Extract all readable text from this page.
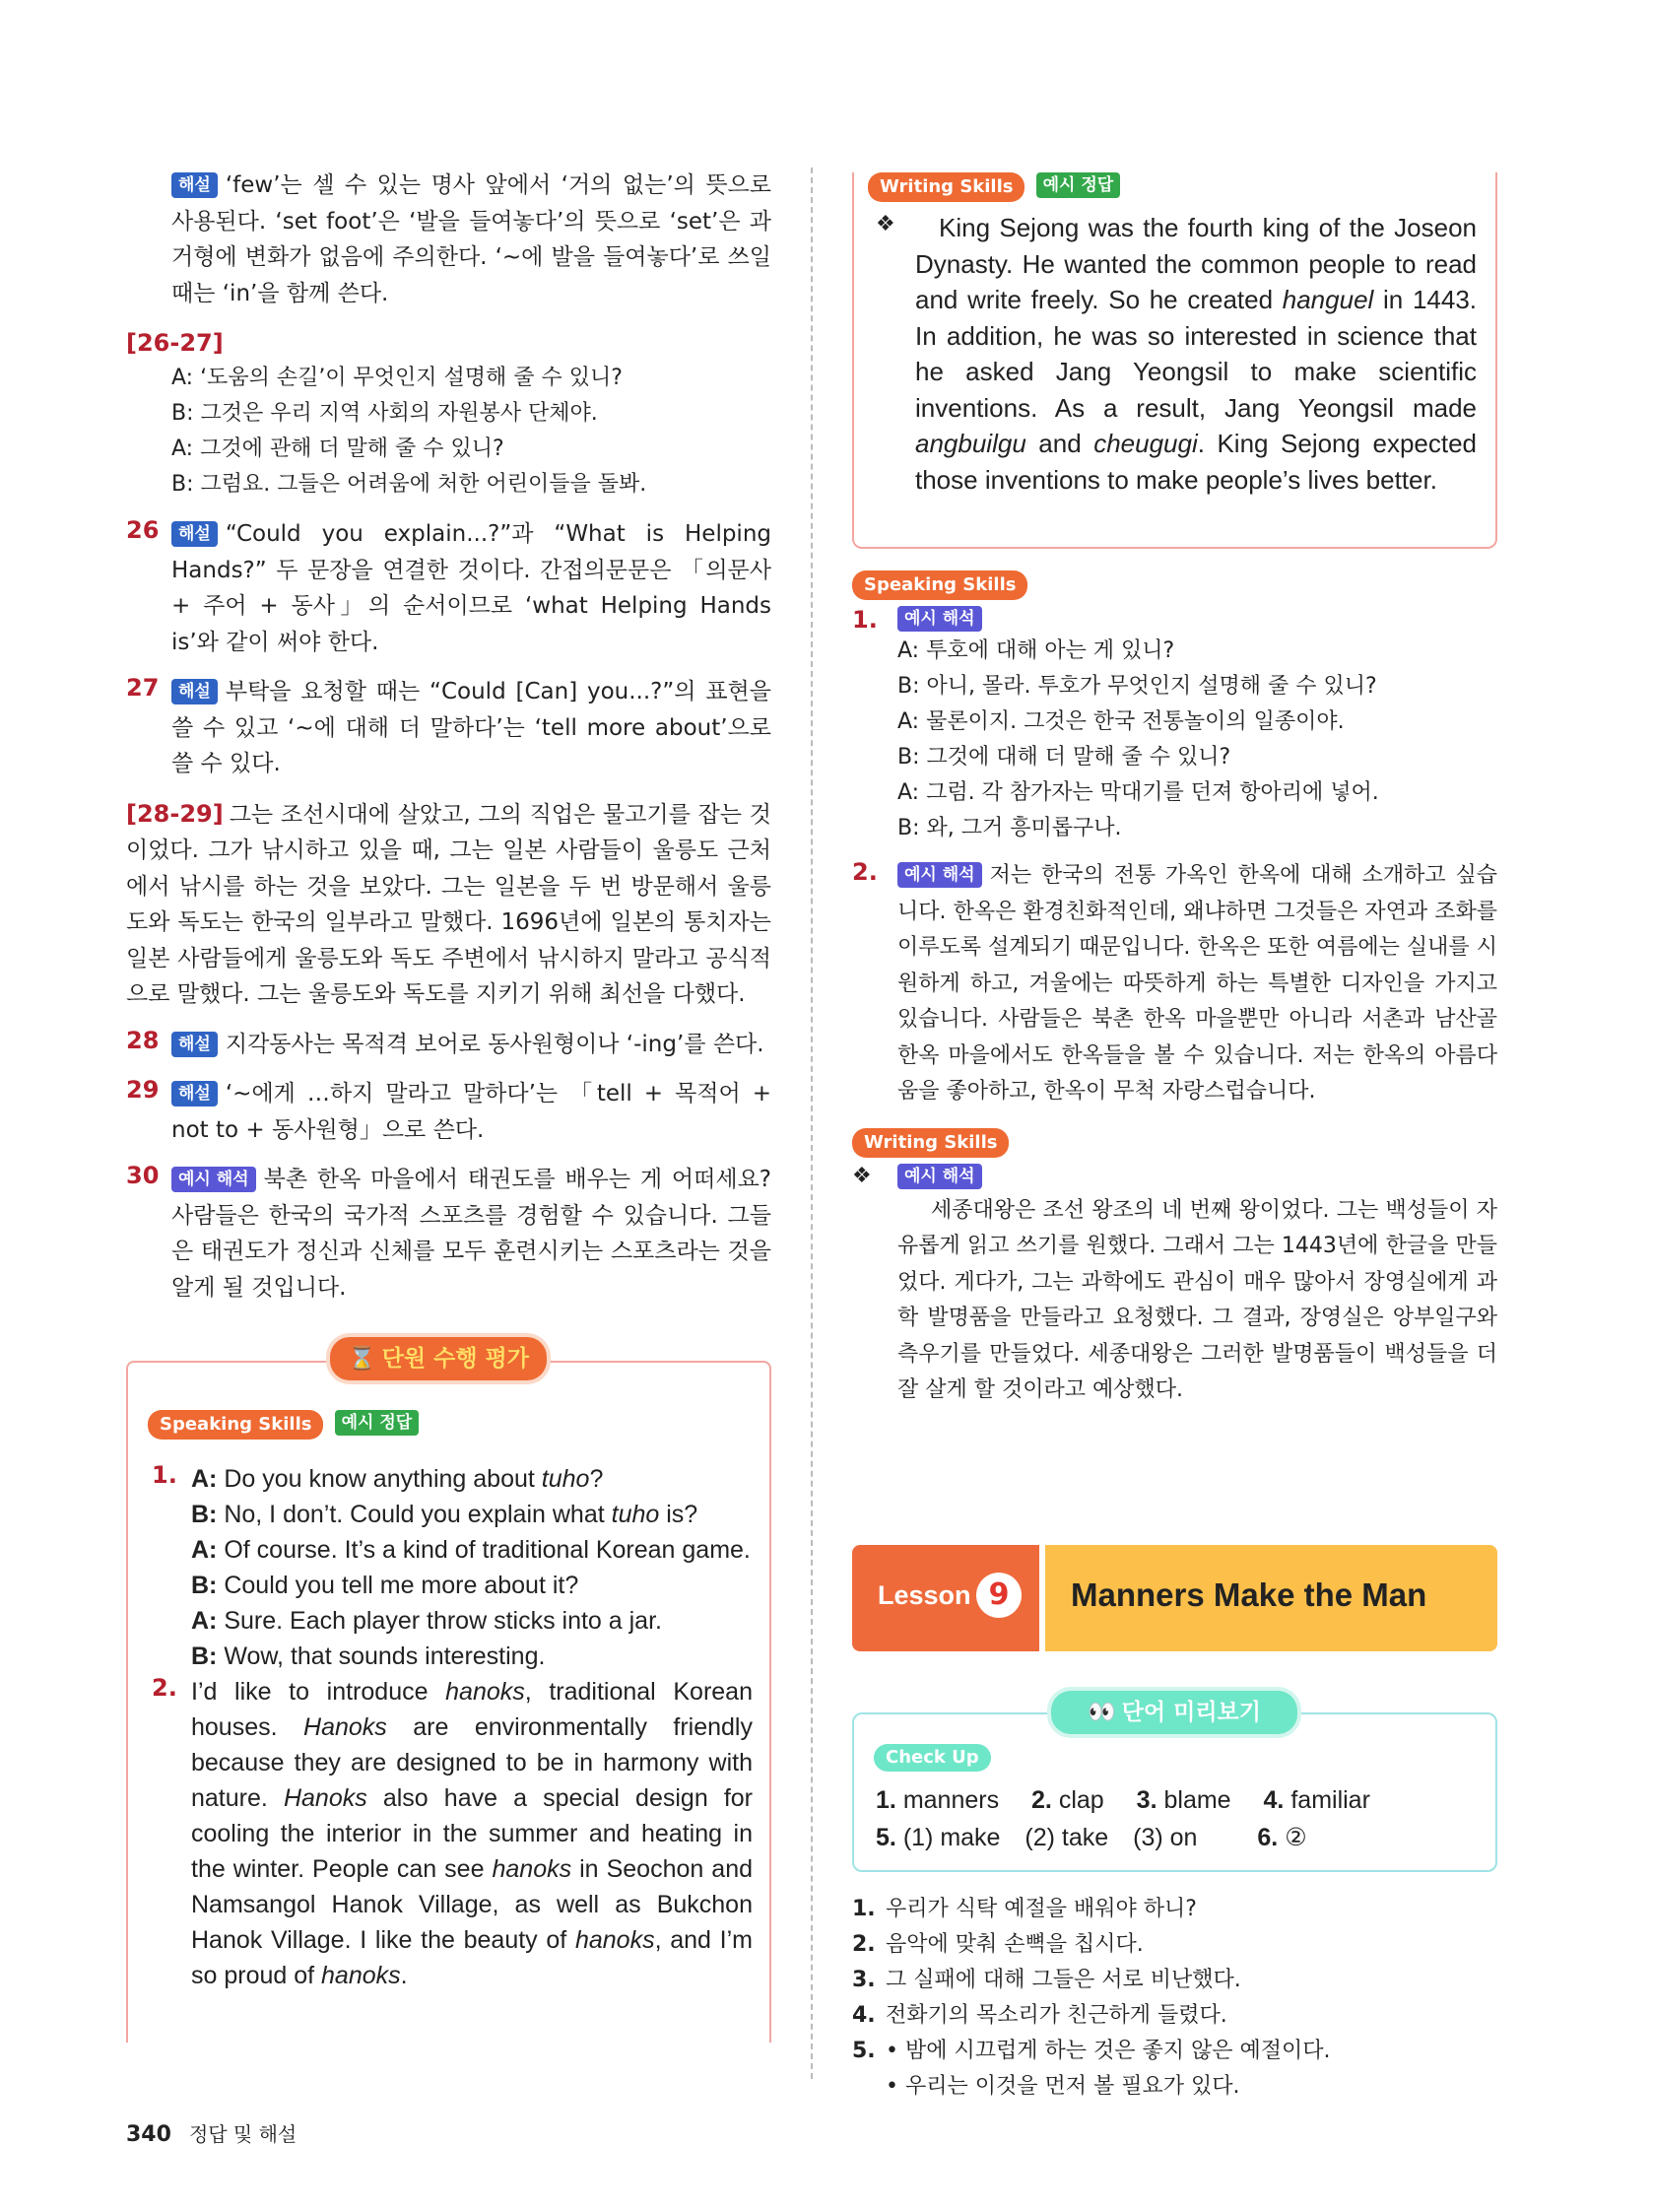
해설 ‘few’는 셀 수 있는 명사 앞에서 ‘거의 없는’의 뜻으로 사용된다. ‘set foot’은 ‘발을 들여놓다’의 뜻으로 ‘set’은 과거형에 변화가 없음에 주의한다. ‘~에 발을 들여놓다’로 쓰일 때는 ‘in’을 함께 쓴다.

[26-27]
A: ‘도움의 손길’이 무엇인지 설명해 줄 수 있니?
B: 그것은 우리 지역 사회의 자원봉사 단체야.
A: 그것에 관해 더 말해 줄 수 있니?
B: 그럼요. 그들은 어려움에 처한 어린이들을 돌봐.
26	해설 “Could you explain...?”과 “What is Helping Hands?” 두 문장을 연결한 것이다. 간접의문문은 「의문사 + 주어 + 동사」의 순서이므로 ‘what Helping Hands is’와 같이 써야 한다.

27	해설 부탁을 요청할 때는 “Could [Can] you...?”의 표현을 쓸 수 있고 ‘~에 대해 더 말하다’는 ‘tell more about’으로 쓸 수 있다.

[28-29] 그는 조선시대에 살았고, 그의 직업은 물고기를 잡는 것이었다. 그가 낚시하고 있을 때, 그는 일본 사람들이 울릉도 근처에서 낚시를 하는 것을 보았다. 그는 일본을 두 번 방문해서 울릉도와 독도는 한국의 일부라고 말했다. 1696년에 일본의 통치자는 일본 사람들에게 울릉도와 독도 주변에서 낚시하지 말라고 공식적으로 말했다. 그는 울릉도와 독도를 지키기 위해 최선을 다했다.

28	해설 지각동사는 목적격 보어로 동사원형이나 ‘-ing’를 쓴다.

29	해설 ‘~에게 …하지 말라고 말하다’는 「tell + 목적어 + not to + 동사원형」으로 쓴다.

30	예시 해석 북촌 한옥 마을에서 태권도를 배우는 게 어떠세요? 사람들은 한국의 국가적 스포츠를 경험할 수 있습니다. 그들은 태권도가 정신과 신체를 모두 훈련시키는 스포츠라는 것을 알게 될 것입니다.

⌛ 단원 수행 평가
Speaking Skills 예시 정답
1. A: Do you know anything about tuho?
B: No, I don’t. Could you explain what tuho is?
A: Of course. It’s a kind of traditional Korean game.
B: Could you tell me more about it?
A: Sure. Each player throw sticks into a jar.
B: Wow, that sounds interesting.
2. I’d like to introduce hanoks, traditional Korean houses. Hanoks are environmentally friendly because they are designed to be in harmony with nature. Hanoks also have a special design for cooling the interior in the summer and heating in the winter. People can see hanoks in Seochon and Namsangol Hanok Village, as well as Bukchon Hanok Village. I like the beauty of hanoks, and I’m so proud of hanoks.
Writing Skills 예시 정답
❖	King Sejong was the fourth king of the Joseon Dynasty. He wanted the common people to read and write freely. So he created hanguel in 1443. In addition, he was so interested in science that he asked Jang Yeongsil to make scientific inventions. As a result, Jang Yeongsil made angbuilgu and cheugugi. King Sejong expected those inventions to make people’s lives better.
Speaking Skills
1. 예시 해석
A: 투호에 대해 아는 게 있니?
B: 아니, 몰라. 투호가 무엇인지 설명해 줄 수 있니?
A: 물론이지. 그것은 한국 전통놀이의 일종이야.
B: 그것에 대해 더 말해 줄 수 있니?
A: 그럼. 각 참가자는 막대기를 던져 항아리에 넣어.
B: 와, 그거 흥미롭구나.
2.	예시 해석 저는 한국의 전통 가옥인 한옥에 대해 소개하고 싶습니다. 한옥은 환경친화적인데, 왜냐하면 그것들은 자연과 조화를 이루도록 설계되기 때문입니다. 한옥은 또한 여름에는 실내를 시원하게 하고, 겨울에는 따뜻하게 하는 특별한 디자인을 가지고 있습니다. 사람들은 북촌 한옥 마을뿐만 아니라 서촌과 남산골 한옥 마을에서도 한옥들을 볼 수 있습니다. 저는 한옥의 아름다움을 좋아하고, 한옥이 무척 자랑스럽습니다.

Writing Skills
❖ 예시 해석

세종대왕은 조선 왕조의 네 번째 왕이었다. 그는 백성들이 자유롭게 읽고 쓰기를 원했다. 그래서 그는 1443년에 한글을 만들었다. 게다가, 그는 과학에도 관심이 매우 많아서 장영실에게 과학 발명품을 만들라고 요청했다. 그 결과, 장영실은 앙부일구와 측우기를 만들었다. 세종대왕은 그러한 발명품들이 백성들을 더 잘 살게 할 것이라고 예상했다.

Lesson 9	Manners Make the Man
👀 단어 미리보기
Check Up
1. manners 2. clap 3. blame 4. familiar
5. (1) make (2) take (3) on 6. ②
1. 우리가 식탁 예절을 배워야 하니?
2. 음악에 맞춰 손뼉을 칩시다.
3. 그 실패에 대해 그들은 서로 비난했다.
4. 전화기의 목소리가 친근하게 들렸다.
5. • 밤에 시끄럽게 하는 것은 좋지 않은 예절이다.
• 우리는 이것을 먼저 볼 필요가 있다.
340 정답 및 해설
